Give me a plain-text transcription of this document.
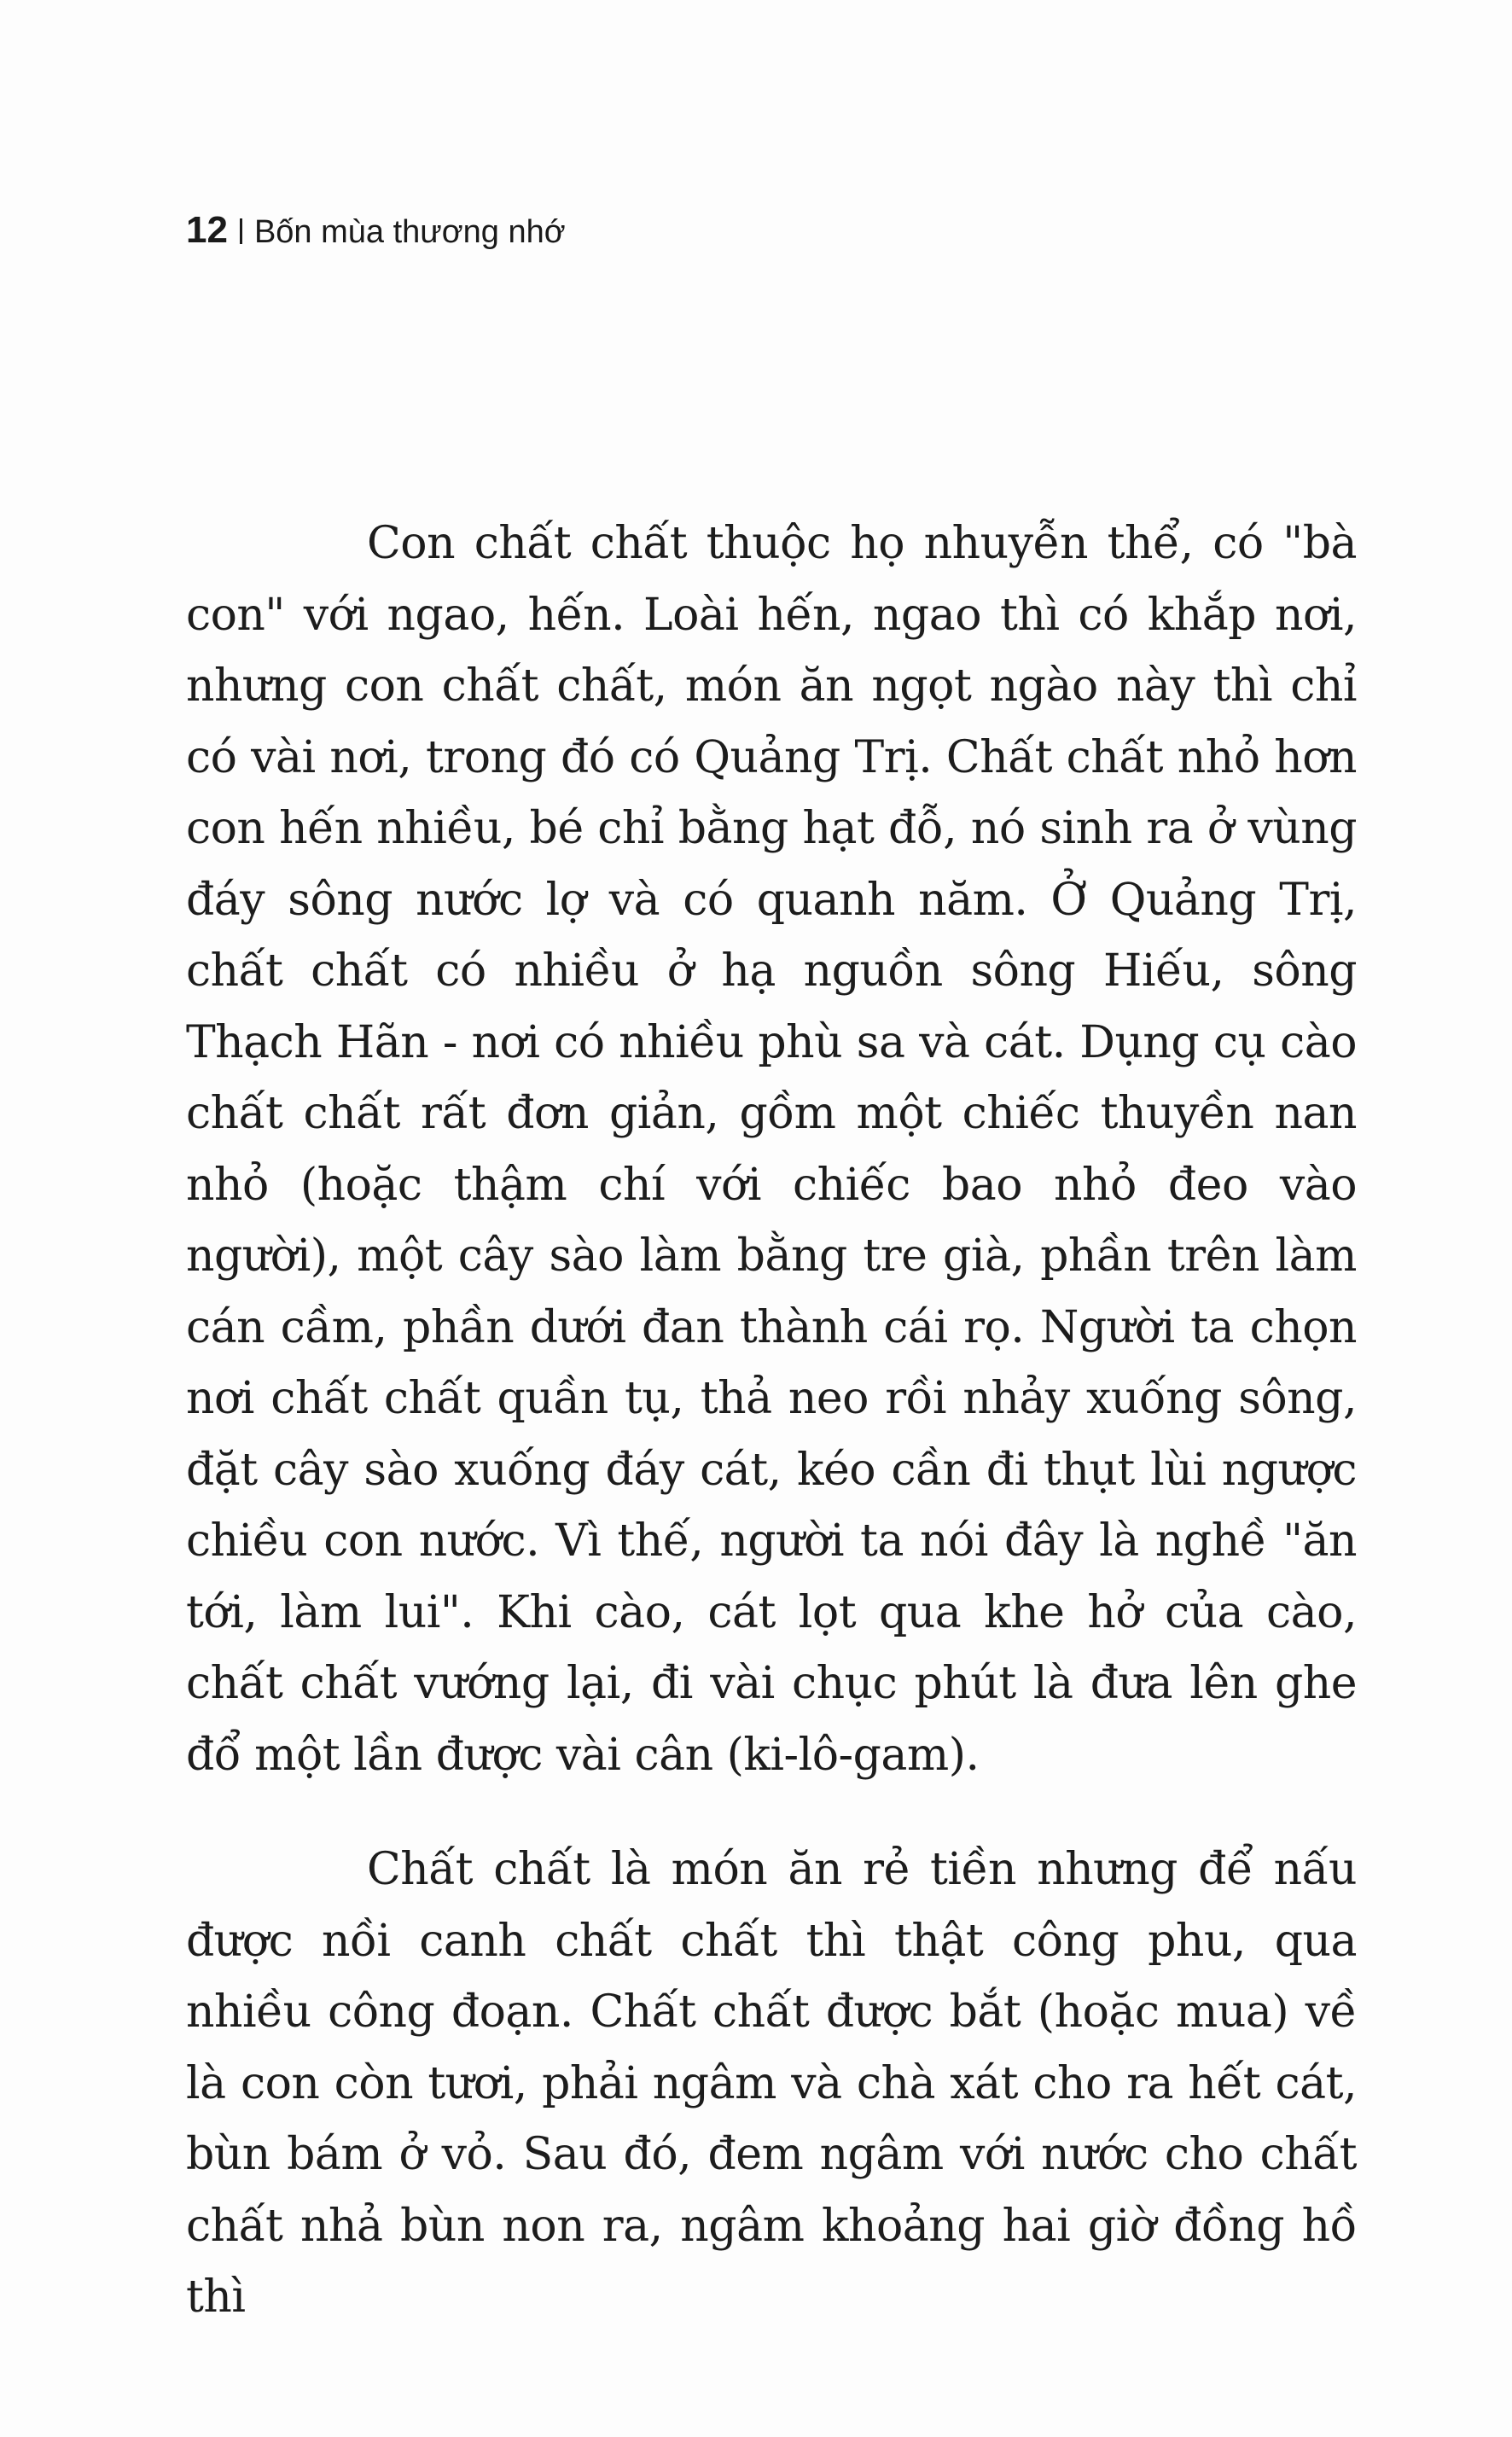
12 Bốn mùa thương nhớ

Con chất chất thuộc họ nhuyễn thể, có "bà con" với ngao, hến. Loài hến, ngao thì có khắp nơi, nhưng con chất chất, món ăn ngọt ngào này thì chỉ có vài nơi, trong đó có Quảng Trị. Chất chất nhỏ hơn con hến nhiều, bé chỉ bằng hạt đỗ, nó sinh ra ở vùng đáy sông nước lợ và có quanh năm. Ở Quảng Trị, chất chất có nhiều ở hạ nguồn sông Hiếu, sông Thạch Hãn - nơi có nhiều phù sa và cát. Dụng cụ cào chất chất rất đơn giản, gồm một chiếc thuyền nan nhỏ (hoặc thậm chí với chiếc bao nhỏ đeo vào người), một cây sào làm bằng tre già, phần trên làm cán cầm, phần dưới đan thành cái rọ. Người ta chọn nơi chất chất quần tụ, thả neo rồi nhảy xuống sông, đặt cây sào xuống đáy cát, kéo cần đi thụt lùi ngược chiều con nước. Vì thế, người ta nói đây là nghề "ăn tới, làm lui". Khi cào, cát lọt qua khe hở của cào, chất chất vướng lại, đi vài chục phút là đưa lên ghe đổ một lần được vài cân (ki-lô-gam).

Chất chất là món ăn rẻ tiền nhưng để nấu được nồi canh chất chất thì thật công phu, qua nhiều công đoạn. Chất chất được bắt (hoặc mua) về là con còn tươi, phải ngâm và chà xát cho ra hết cát, bùn bám ở vỏ. Sau đó, đem ngâm với nước cho chất chất nhả bùn non ra, ngâm khoảng hai giờ đồng hồ thì
